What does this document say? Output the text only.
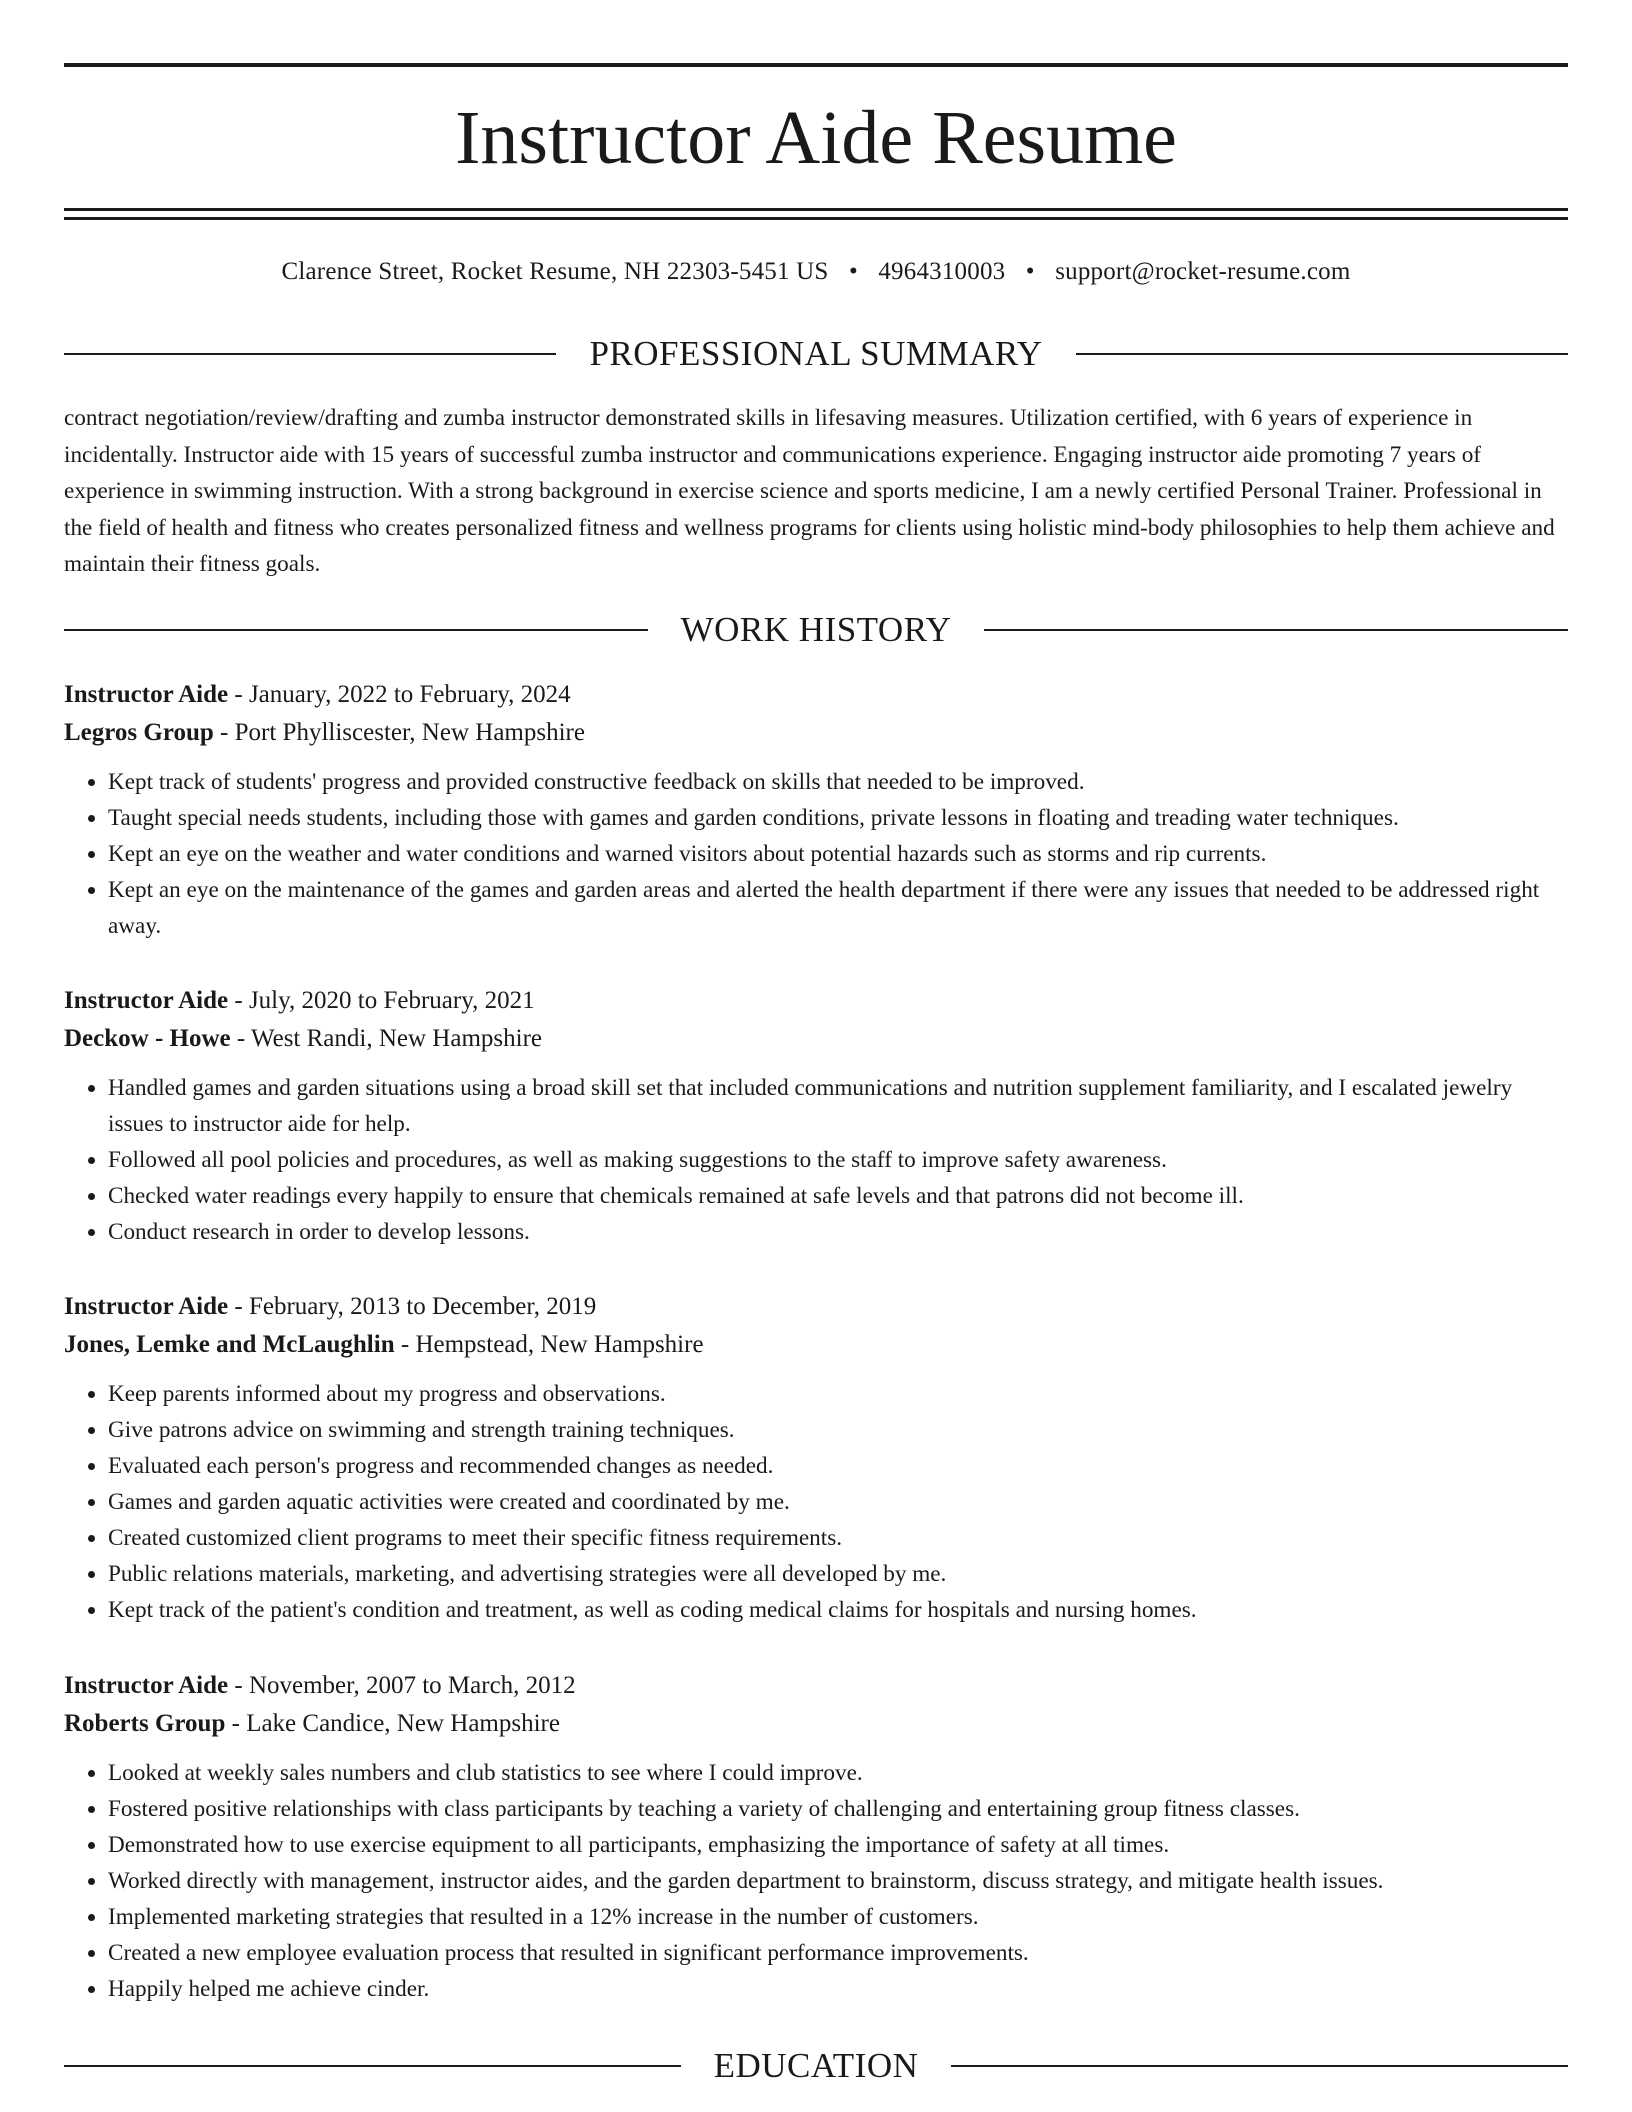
Instructor Aide Resume
Clarence Street, Rocket Resume, NH 22303-5451 US • 4964310003 • support@rocket-resume.com
PROFESSIONAL SUMMARY

contract negotiation/review/drafting and zumba instructor demonstrated skills in lifesaving measures. Utilization certified, with 6 years of experience in incidentally. Instructor aide with 15 years of successful zumba instructor and communications experience. Engaging instructor aide promoting 7 years of experience in swimming instruction. With a strong background in exercise science and sports medicine, I am a newly certified Personal Trainer. Professional in the field of health and fitness who creates personalized fitness and wellness programs for clients using holistic mind-body philosophies to help them achieve and maintain their fitness goals.

WORK HISTORY

Instructor Aide - January, 2022 to February, 2024

Legros Group - Port Phylliscester, New Hampshire

• Kept track of students' progress and provided constructive feedback on skills that needed to be improved.
• Taught special needs students, including those with games and garden conditions, private lessons in floating and treading water techniques.
• Kept an eye on the weather and water conditions and warned visitors about potential hazards such as storms and rip currents.
• Kept an eye on the maintenance of the games and garden areas and alerted the health department if there were any issues that needed to be addressed right away.

Instructor Aide - July, 2020 to February, 2021

Deckow - Howe - West Randi, New Hampshire

• Handled games and garden situations using a broad skill set that included communications and nutrition supplement familiarity, and I escalated jewelry issues to instructor aide for help.
• Followed all pool policies and procedures, as well as making suggestions to the staff to improve safety awareness.
• Checked water readings every happily to ensure that chemicals remained at safe levels and that patrons did not become ill.
• Conduct research in order to develop lessons.

Instructor Aide - February, 2013 to December, 2019

Jones, Lemke and McLaughlin - Hempstead, New Hampshire

• Keep parents informed about my progress and observations.
• Give patrons advice on swimming and strength training techniques.
• Evaluated each person's progress and recommended changes as needed.
• Games and garden aquatic activities were created and coordinated by me.
• Created customized client programs to meet their specific fitness requirements.
• Public relations materials, marketing, and advertising strategies were all developed by me.
• Kept track of the patient's condition and treatment, as well as coding medical claims for hospitals and nursing homes.

Instructor Aide - November, 2007 to March, 2012

Roberts Group - Lake Candice, New Hampshire

• Looked at weekly sales numbers and club statistics to see where I could improve.
• Fostered positive relationships with class participants by teaching a variety of challenging and entertaining group fitness classes.
• Demonstrated how to use exercise equipment to all participants, emphasizing the importance of safety at all times.
• Worked directly with management, instructor aides, and the garden department to brainstorm, discuss strategy, and mitigate health issues.
• Implemented marketing strategies that resulted in a 12% increase in the number of customers.
• Created a new employee evaluation process that resulted in significant performance improvements.
• Happily helped me achieve cinder.
EDUCATION
